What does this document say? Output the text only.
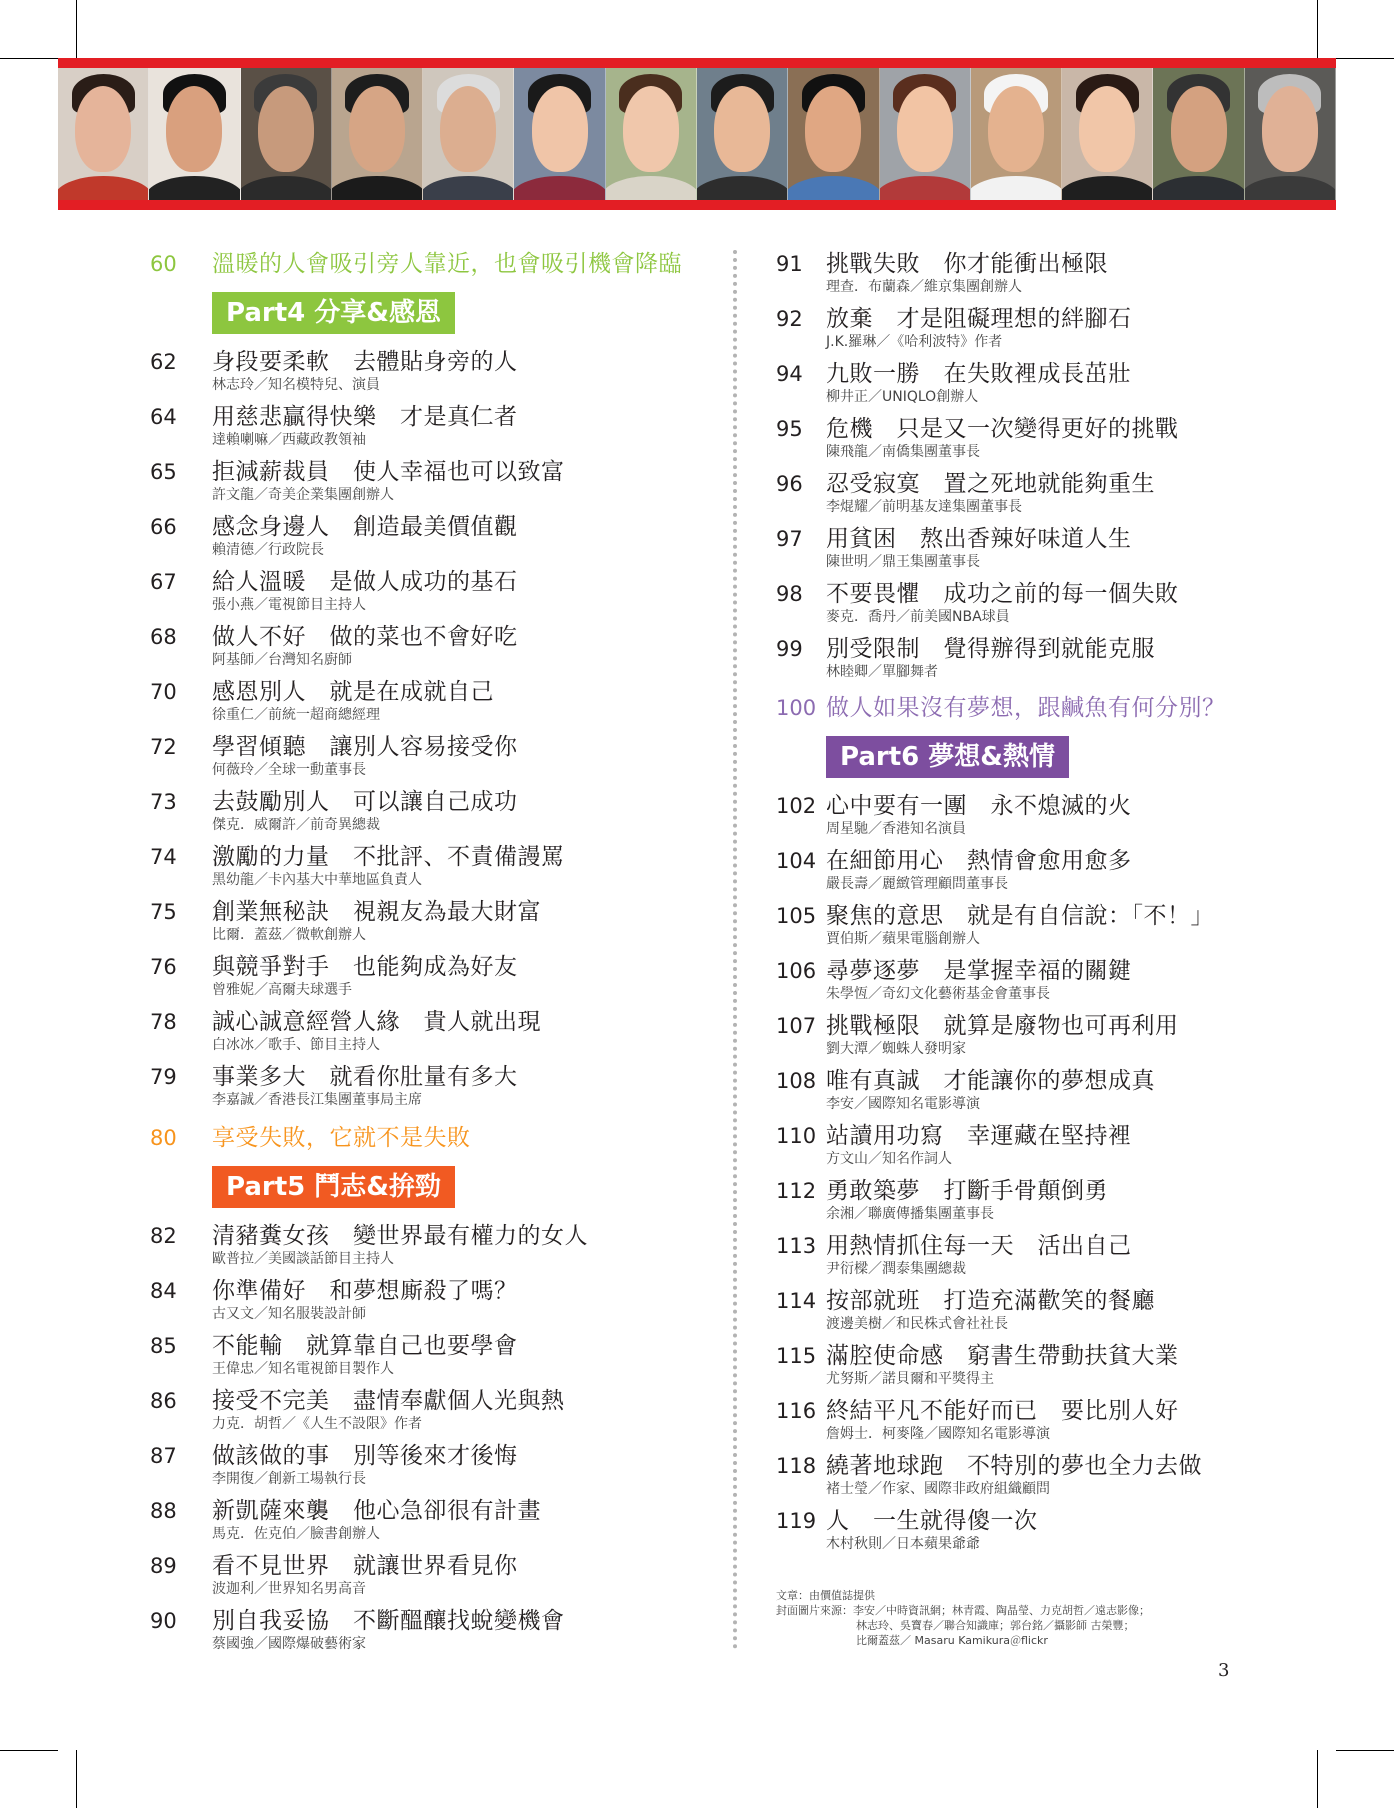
60 溫暖的人會吸引旁人靠近，也會吸引機會降臨
Part4 分享&感恩
62 身段要柔軟　去體貼身旁的人
林志玲／知名模特兒、演員
64 用慈悲贏得快樂　才是真仁者
達賴喇嘛／西藏政教領袖
65 拒減薪裁員　使人幸福也可以致富
許文龍／奇美企業集團創辦人
66 感念身邊人　創造最美價值觀
賴清德／行政院長
67 給人溫暖　是做人成功的基石
張小燕／電視節目主持人
68 做人不好　做的菜也不會好吃
阿基師／台灣知名廚師
70 感恩別人　就是在成就自己
徐重仁／前統一超商總經理
72 學習傾聽　讓別人容易接受你
何薇玲／全球一動董事長
73 去鼓勵別人　可以讓自己成功
傑克．威爾許／前奇異總裁
74 激勵的力量　不批評、不責備謾罵
黑幼龍／卡內基大中華地區負責人
75 創業無秘訣　視親友為最大財富
比爾．蓋茲／微軟創辦人
76 與競爭對手　也能夠成為好友
曾雅妮／高爾夫球選手
78 誠心誠意經營人緣　貴人就出現
白冰冰／歌手、節目主持人
79 事業多大　就看你肚量有多大
李嘉誠／香港長江集團董事局主席
80 享受失敗，它就不是失敗
Part5 鬥志&拚勁
82 清豬糞女孩　變世界最有權力的女人
歐普拉／美國談話節目主持人
84 你準備好　和夢想廝殺了嗎？
古又文／知名服裝設計師
85 不能輸　就算靠自己也要學會
王偉忠／知名電視節目製作人
86 接受不完美　盡情奉獻個人光與熱
力克．胡哲／《人生不設限》作者
87 做該做的事　別等後來才後悔
李開復／創新工場執行長
88 新凱薩來襲　他心急卻很有計畫
馬克．佐克伯／臉書創辦人
89 看不見世界　就讓世界看見你
波迦利／世界知名男高音
90 別自我妥協　不斷醞釀找蛻變機會
蔡國強／國際爆破藝術家
91 挑戰失敗　你才能衝出極限
理查．布蘭森／維京集團創辦人
92 放棄　才是阻礙理想的絆腳石
J.K.羅琳／《哈利波特》作者
94 九敗一勝　在失敗裡成長茁壯
柳井正／UNIQLO創辦人
95 危機　只是又一次變得更好的挑戰
陳飛龍／南僑集團董事長
96 忍受寂寞　置之死地就能夠重生
李焜耀／前明基友達集團董事長
97 用貧困　熬出香辣好味道人生
陳世明／鼎王集團董事長
98 不要畏懼　成功之前的每一個失敗
麥克．喬丹／前美國NBA球員
99 別受限制　覺得辦得到就能克服
林睦卿／單腳舞者
100 做人如果沒有夢想，跟鹹魚有何分別？
Part6 夢想&熱情
102 心中要有一團　永不熄滅的火
周星馳／香港知名演員
104 在細節用心　熱情會愈用愈多
嚴長壽／麗緻管理顧問董事長
105 聚焦的意思　就是有自信說：「不！」
賈伯斯／蘋果電腦創辦人
106 尋夢逐夢　是掌握幸福的關鍵
朱學恆／奇幻文化藝術基金會董事長
107 挑戰極限　就算是廢物也可再利用
劉大潭／蜘蛛人發明家
108 唯有真誠　才能讓你的夢想成真
李安／國際知名電影導演
110 站讀用功寫　幸運藏在堅持裡
方文山／知名作詞人
112 勇敢築夢　打斷手骨顛倒勇
余湘／聯廣傳播集團董事長
113 用熱情抓住每一天　活出自己
尹衍樑／潤泰集團總裁
114 按部就班　打造充滿歡笑的餐廳
渡邊美樹／和民株式會社社長
115 滿腔使命感　窮書生帶動扶貧大業
尤努斯／諾貝爾和平獎得主
116 終結平凡不能好而已　要比別人好
詹姆士．柯麥隆／國際知名電影導演
118 繞著地球跑　不特別的夢也全力去做
褚士瑩／作家、國際非政府組織顧問
119 人　一生就得傻一次
木村秋則／日本蘋果爺爺
文章：由價值誌提供
封面圖片來源：李安／中時資訊網；林青霞、陶晶瑩、力克胡哲／遠志影像；
林志玲、吳寶春／聯合知識庫；郭台銘／攝影師 古榮豐；
比爾蓋茲／ Masaru Kamikura＠flickr
3
